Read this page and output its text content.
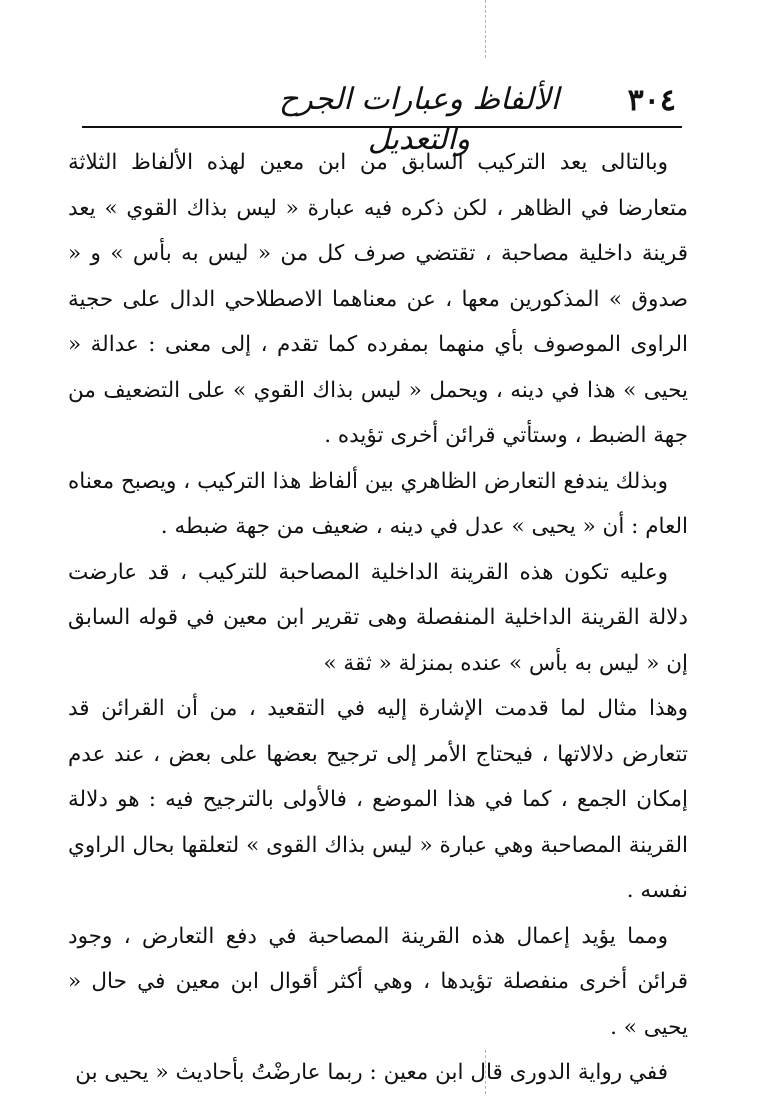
٣٠٤
الألفاظ وعبارات الجرح والتعديل

وبالتالى يعد التركيب السابق من ابن معين لهذه الألفاظ الثلاثة متعارضا في الظاهر ، لكن ذكره فيه عبارة « ليس بذاك القوي » يعد قرينة داخلية مصاحبة ، تقتضي صرف كل من « ليس به بأس » و « صدوق » المذكورين معها ، عن معناهما الاصطلاحي الدال على حجية الراوى الموصوف بأي منهما بمفرده كما تقدم ، إلى معنى : عدالة « يحيى » هذا في دينه ، ويحمل « ليس بذاك القوي » على التضعيف من جهة الضبط ، وستأتي قرائن أخرى تؤيده .

وبذلك يندفع التعارض الظاهري بين ألفاظ هذا التركيب ، ويصبح معناه العام : أن « يحيى » عدل في دينه ، ضعيف من جهة ضبطه .

وعليه تكون هذه القرينة الداخلية المصاحبة للتركيب ، قد عارضت دلالة القرينة الداخلية المنفصلة وهى تقرير ابن معين في قوله السابق إن « ليس به بأس » عنده بمنزلة « ثقة »

وهذا مثال لما قدمت الإشارة إليه في التقعيد ، من أن القرائن قد تتعارض دلالاتها ، فيحتاج الأمر إلى ترجيح بعضها على بعض ، عند عدم إمكان الجمع ، كما في هذا الموضع ، فالأولى بالترجيح فيه : هو دلالة القرينة المصاحبة وهي عبارة « ليس بذاك القوى » لتعلقها بحال الراوي نفسه .

ومما يؤيد إعمال هذه القرينة المصاحبة في دفع التعارض ، وجود قرائن أخرى منفصلة تؤيدها ، وهي أكثر أقوال ابن معين في حال « يحيى » .

ففي رواية الدورى قال ابن معين : ربما عارضْتُ بأحاديث « يحيى بن
